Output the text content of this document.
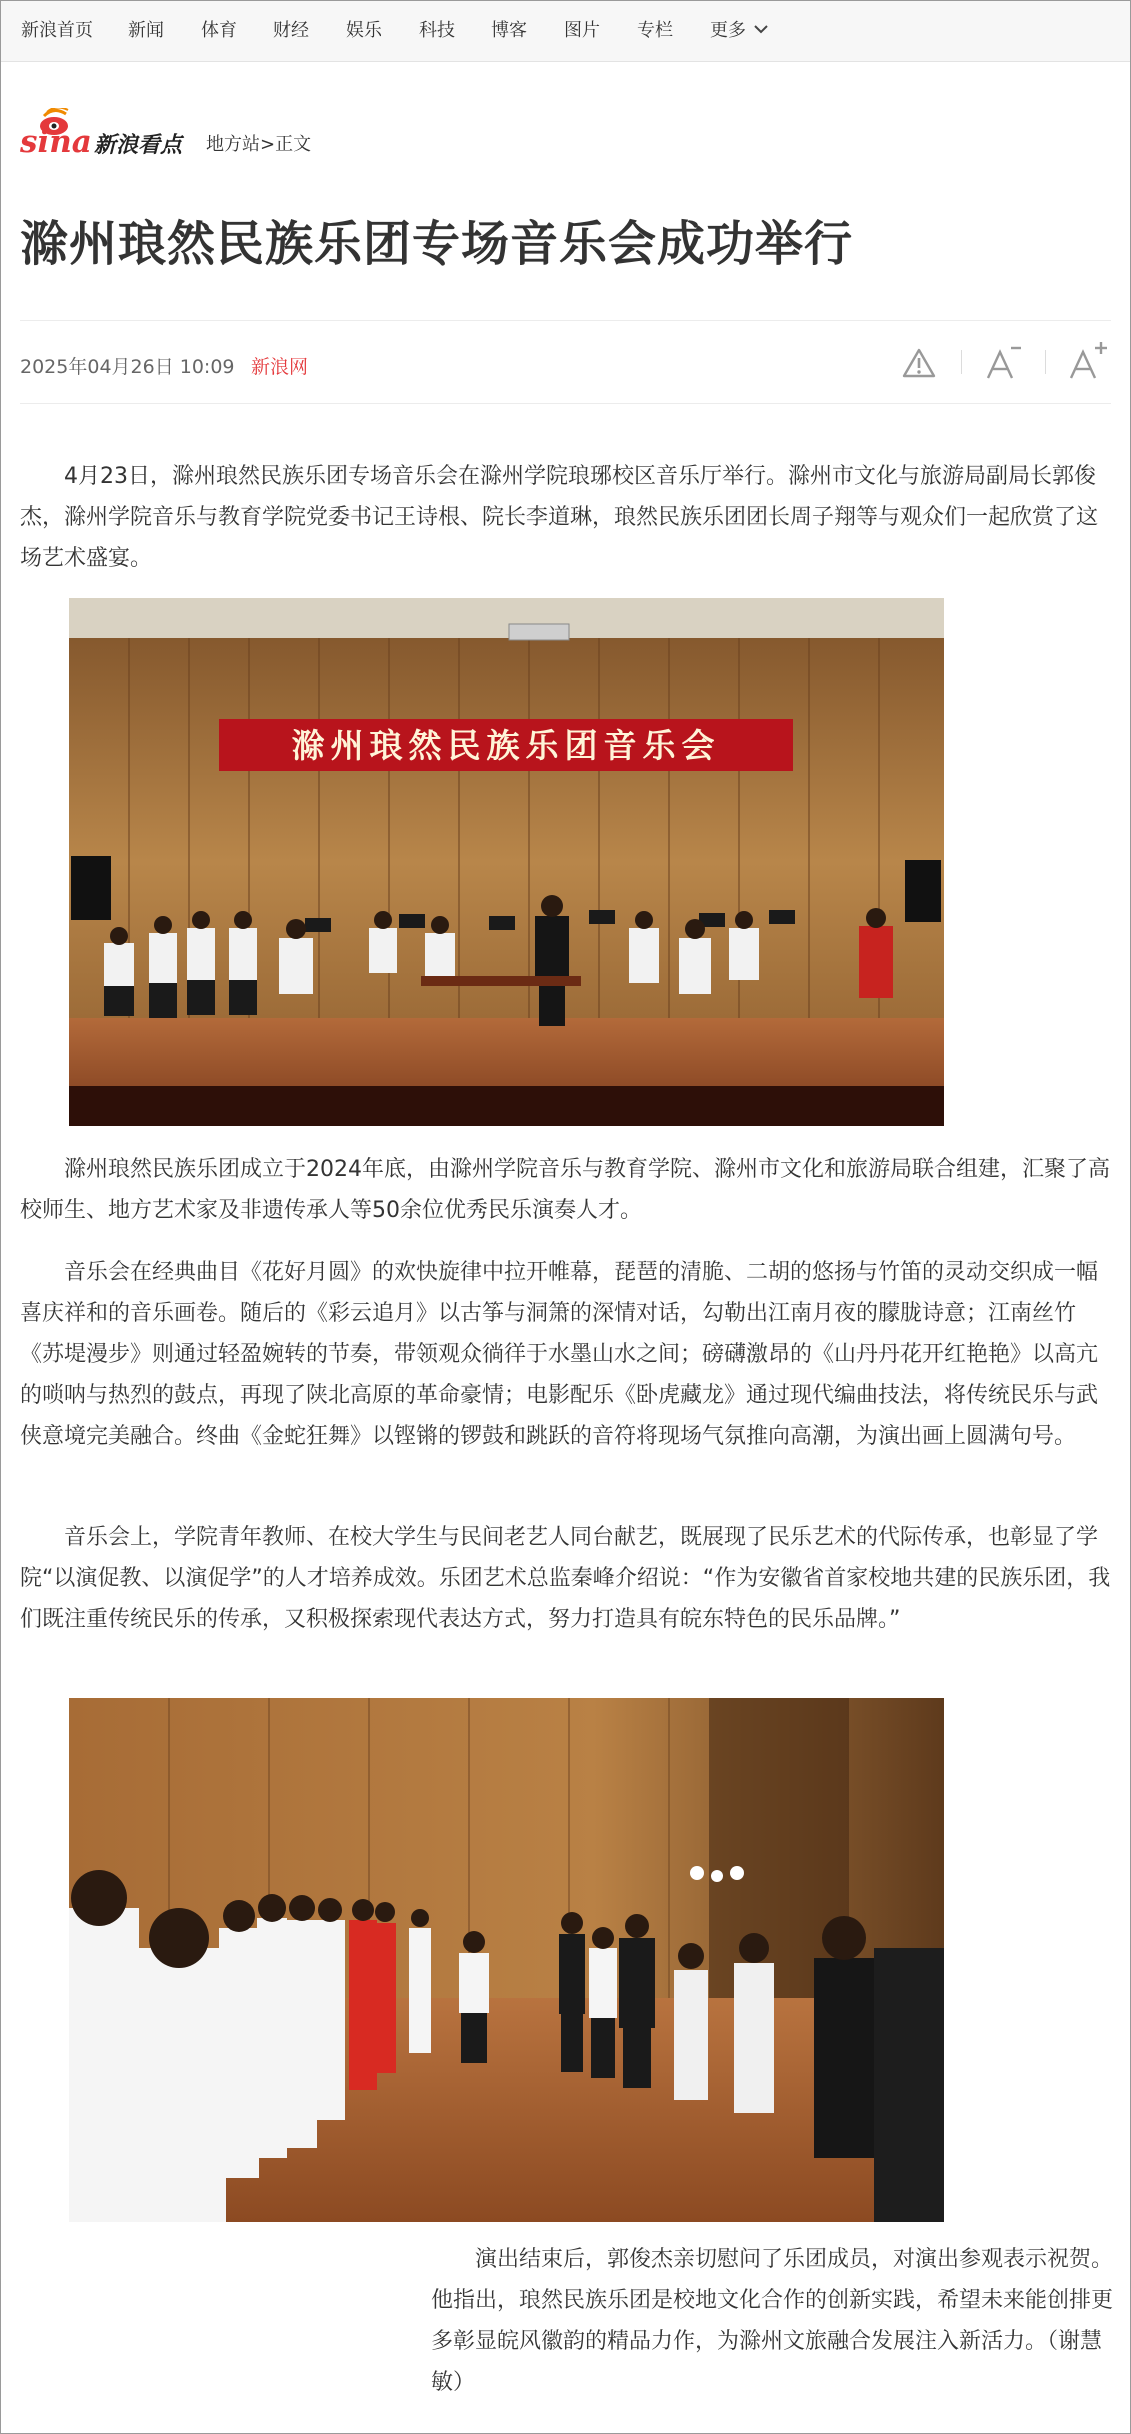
新浪首页 新闻 体育 财经 娱乐 科技 博客 图片 专栏 更多
sina 新浪看点 地方站>正文
滁州琅然民族乐团专场音乐会成功举行
2025年04月26日 10:09 新浪网

4月23日，滁州琅然民族乐团专场音乐会在滁州学院琅琊校区音乐厅举行。滁州市文化与旅游局副局长郭俊杰，滁州学院音乐与教育学院党委书记王诗根、院长李道琳，琅然民族乐团团长周子翔等与观众们一起欣赏了这场艺术盛宴。

滁州琅然民族乐团音乐会

滁州琅然民族乐团成立于2024年底，由滁州学院音乐与教育学院、滁州市文化和旅游局联合组建，汇聚了高校师生、地方艺术家及非遗传承人等50余位优秀民乐演奏人才。

音乐会在经典曲目《花好月圆》的欢快旋律中拉开帷幕，琵琶的清脆、二胡的悠扬与竹笛的灵动交织成一幅喜庆祥和的音乐画卷。随后的《彩云追月》以古筝与洞箫的深情对话，勾勒出江南月夜的朦胧诗意；江南丝竹《苏堤漫步》则通过轻盈婉转的节奏，带领观众徜徉于水墨山水之间；磅礴激昂的《山丹丹花开红艳艳》以高亢的唢呐与热烈的鼓点，再现了陕北高原的革命豪情；电影配乐《卧虎藏龙》通过现代编曲技法，将传统民乐与武侠意境完美融合。终曲《金蛇狂舞》以铿锵的锣鼓和跳跃的音符将现场气氛推向高潮，为演出画上圆满句号。

音乐会上，学院青年教师、在校大学生与民间老艺人同台献艺，既展现了民乐艺术的代际传承，也彰显了学院“以演促教、以演促学”的人才培养成效。乐团艺术总监秦峰介绍说：“作为安徽省首家校地共建的民族乐团，我们既注重传统民乐的传承，又积极探索现代表达方式，努力打造具有皖东特色的民乐品牌。”

演出结束后，郭俊杰亲切慰问了乐团成员，对演出参观表示祝贺。他指出，琅然民族乐团是校地文化合作的创新实践，希望未来能创排更多彰显皖风徽韵的精品力作，为滁州文旅融合发展注入新活力。（谢慧敏）
